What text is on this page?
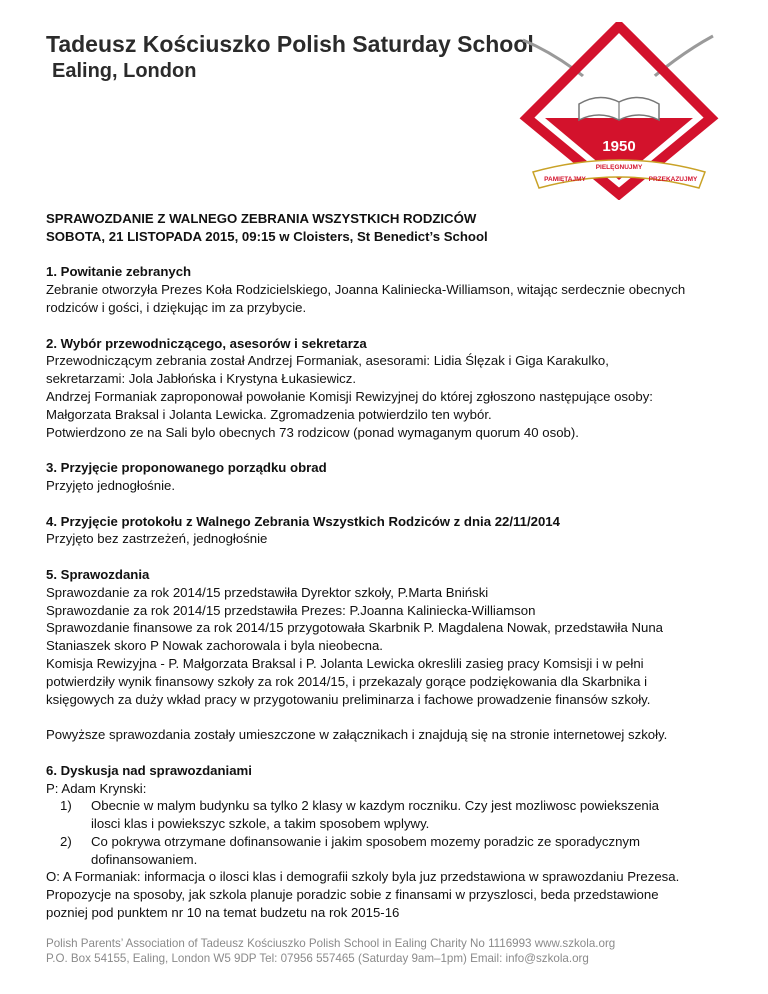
Tadeusz Kościuszko Polish Saturday School
Ealing, London
1950
PAMIĘTAJMY
PIELĘGNUJMY
PRZEKAZUJMY

SPRAWOZDANIE Z WALNEGO ZEBRANIA WSZYSTKICH RODZICÓW

SOBOTA, 21 LISTOPADA 2015, 09:15 w Cloisters, St Benedict’s School

1. Powitanie zebranych

Zebranie otworzyła Prezes Koła Rodzicielskiego, Joanna Kaliniecka-Williamson, witając serdecznie obecnych

rodziców i gości, i dziękując im za przybycie.

2. Wybór przewodniczącego, asesorów i sekretarza

Przewodniczącym zebrania został Andrzej Formaniak, asesorami: Lidia Ślęzak i Giga Karakulko,

sekretarzami: Jola Jabłońska i Krystyna Łukasiewicz.

Andrzej Formaniak zaproponował powołanie Komisji Rewizyjnej do której zgłoszono następujące osoby:

Małgorzata Braksal i Jolanta Lewicka. Zgromadzenia potwierdzilo ten wybór.

Potwierdzono ze na Sali bylo obecnych 73 rodzicow (ponad wymaganym quorum 40 osob).

3. Przyjęcie proponowanego porządku obrad

Przyjęto jednogłośnie.

4. Przyjęcie protokołu z Walnego Zebrania Wszystkich Rodziców z dnia 22/11/2014

Przyjęto bez zastrzeżeń, jednogłośnie

5. Sprawozdania

Sprawozdanie za rok 2014/15 przedstawiła Dyrektor szkoły, P.Marta Bniński

Sprawozdanie za rok 2014/15 przedstawiła Prezes: P.Joanna Kaliniecka-Williamson

Sprawozdanie finansowe za rok 2014/15 przygotowała Skarbnik P. Magdalena Nowak, przedstawiła Nuna

Staniaszek skoro P Nowak zachorowala i byla nieobecna.

Komisja Rewizyjna - P. Małgorzata Braksal i P. Jolanta Lewicka okreslili zasieg pracy Komsisji i w pełni

potwierdziły wynik finansowy szkoły za rok 2014/15, i przekazaly gorące podziękowania dla Skarbnika i

księgowych za duży wkład pracy w przygotowaniu preliminarza i fachowe prowadzenie finansów szkoły.

Powyższe sprawozdania zostały umieszczone w załącznikach i znajdują się na stronie internetowej szkoły.

6. Dyskusja nad sprawozdaniami

P: Adam Krynski:

1) Obecnie w malym budynku sa tylko 2 klasy w kazdym roczniku. Czy jest mozliwosc powiekszenia

ilosci klas i powiekszyc szkole, a takim sposobem wplywy.

2) Co pokrywa otrzymane dofinansowanie i jakim sposobem mozemy poradzic ze sporadycznym

dofinansowaniem.

O: A Formaniak: informacja o ilosci klas i demografii szkoly byla juz przedstawiona w sprawozdaniu Prezesa.

Propozycje na sposoby, jak szkola planuje poradzic sobie z finansami w przyszlosci, beda przedstawione

pozniej pod punktem nr 10 na temat budzetu na rok 2015-16

Polish Parents’ Association of Tadeusz Kościuszko Polish School in Ealing Charity No 1116993 www.szkola.org
P.O. Box 54155, Ealing, London W5 9DP Tel: 07956 557465 (Saturday 9am–1pm) Email: info@szkola.org
